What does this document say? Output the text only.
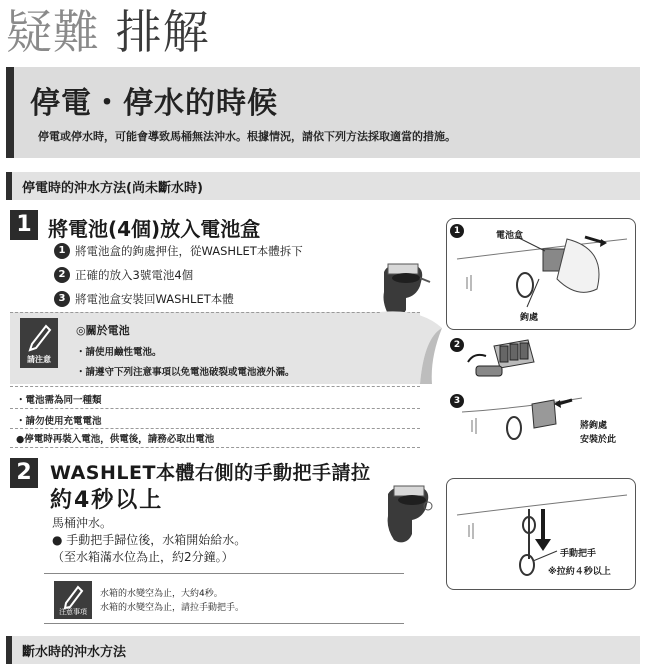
疑難 排解
停電・停水的時候
停電或停水時，可能會導致馬桶無法沖水。根據情況，請依下列方法採取適當的措施。
停電時的沖水方法(尚未斷水時)
1 將電池(4個)放入電池盒
1 將電池盒的鉤處押住，從WASHLET本體拆下
2 正確的放入3號電池4個
3 將電池盒安裝回WASHLET本體
請注意
◎關於電池
・請使用鹼性電池。
・請遵守下列注意事項以免電池破裂或電池液外漏。
・電池需為同一種類
・請勿使用充電電池
●停電時再裝入電池，供電後，請務必取出電池
1	電池盒
鉤處
2
3
將鉤處
安裝於此
2 WASHLET本體右側的手動把手請拉
約4秒以上
馬桶沖水。
● 手動把手歸位後，水箱開始給水。
（至水箱滿水位為止，約2分鐘。）
注意事項
水箱的水變空為止，大約4秒。
水箱的水變空為止，請拉手動把手。
手動把手
※拉約４秒以上
斷水時的沖水方法
